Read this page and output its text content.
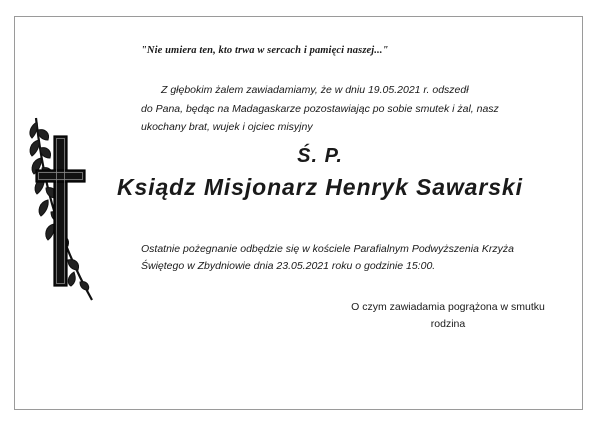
"Nie umiera ten, kto trwa w sercach i pamięci naszej..."
Z głębokim żalem zawiadamiamy, że w dniu 19.05.2021 r. odszedł
do Pana, będąc na Madagaskarze pozostawiając po sobie smutek i żal, nasz
ukochany brat, wujek i ojciec misyjny
Ś. P.
Ksiądz Misjonarz Henryk Sawarski
Ostatnie pożegnanie odbędzie się w kościele Parafialnym Podwyższenia Krzyża
Świętego w Zbydniowie dnia 23.05.2021 roku o godzinie 15:00.
O czym zawiadamia pogrążona w smutku
rodzina
